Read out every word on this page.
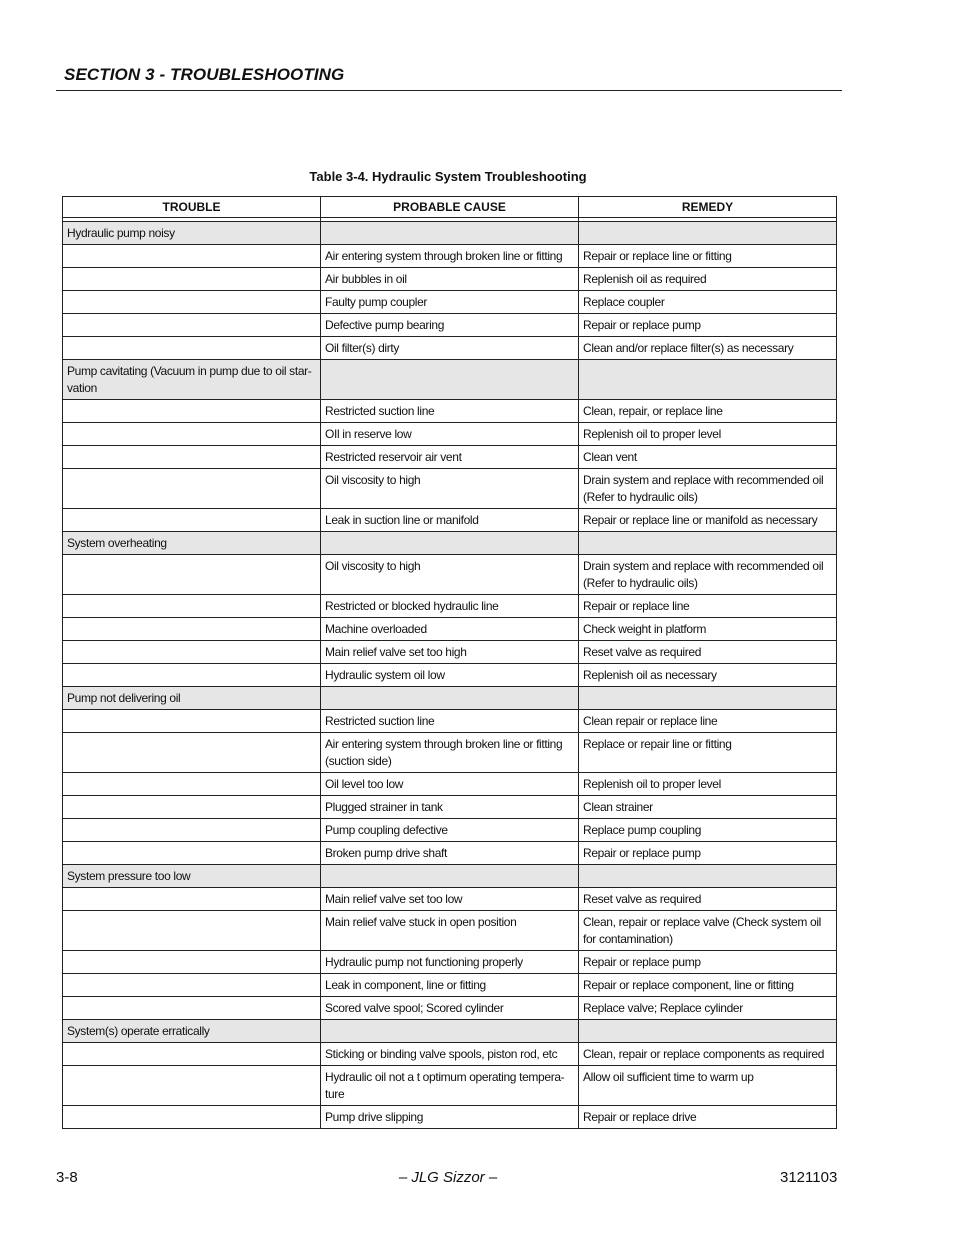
SECTION 3 - TROUBLESHOOTING
Table 3-4. Hydraulic System Troubleshooting
TROUBLE	PROBABLE CAUSE	REMEDY

Hydraulic pump noisy		
	Air entering system through broken line or fitting	Repair or replace line or fitting
	Air bubbles in oil	Replenish oil as required
	Faulty pump coupler	Replace coupler
	Defective pump bearing	Repair or replace pump
	Oil filter(s) dirty	Clean and/or replace filter(s) as necessary
Pump cavitating (Vacuum in pump due to oil star-vation		
	Restricted suction line	Clean, repair, or replace line
	OIl in reserve low	Replenish oil to proper level
	Restricted reservoir air vent	Clean vent
	Oil viscosity to high	Drain system and replace with recommended oil (Refer to hydraulic oils)
	Leak in suction line or manifold	Repair or replace line or manifold as necessary
System overheating		
	Oil viscosity to high	Drain system and replace with recommended oil (Refer to hydraulic oils)
	Restricted or blocked hydraulic line	Repair or replace line
	Machine overloaded	Check weight in platform
	Main relief valve set too high	Reset valve as required
	Hydraulic system oil low	Replenish oil as necessary
Pump not delivering oil		
	Restricted suction line	Clean repair or replace line
	Air entering system through broken line or fitting (suction side)	Replace or repair line or fitting
	Oil level too low	Replenish oil to proper level
	Plugged strainer in tank	Clean strainer
	Pump coupling defective	Replace pump coupling
	Broken pump drive shaft	Repair or replace pump
System pressure too low		
	Main relief valve set too low	Reset valve as required
	Main relief valve stuck in open position	Clean, repair or replace valve (Check system oil for contamination)
	Hydraulic pump not functioning properly	Repair or replace pump
	Leak in component, line or fitting	Repair or replace component, line or fitting
	Scored valve spool; Scored cylinder	Replace valve; Replace cylinder
System(s) operate erratically		
	Sticking or binding valve spools, piston rod, etc	Clean, repair or replace components as required
	Hydraulic oil not a t optimum operating tempera-ture	Allow oil sufficient time to warm up
	Pump drive slipping	Repair or replace drive
3-8	– JLG Sizzor –	3121103
